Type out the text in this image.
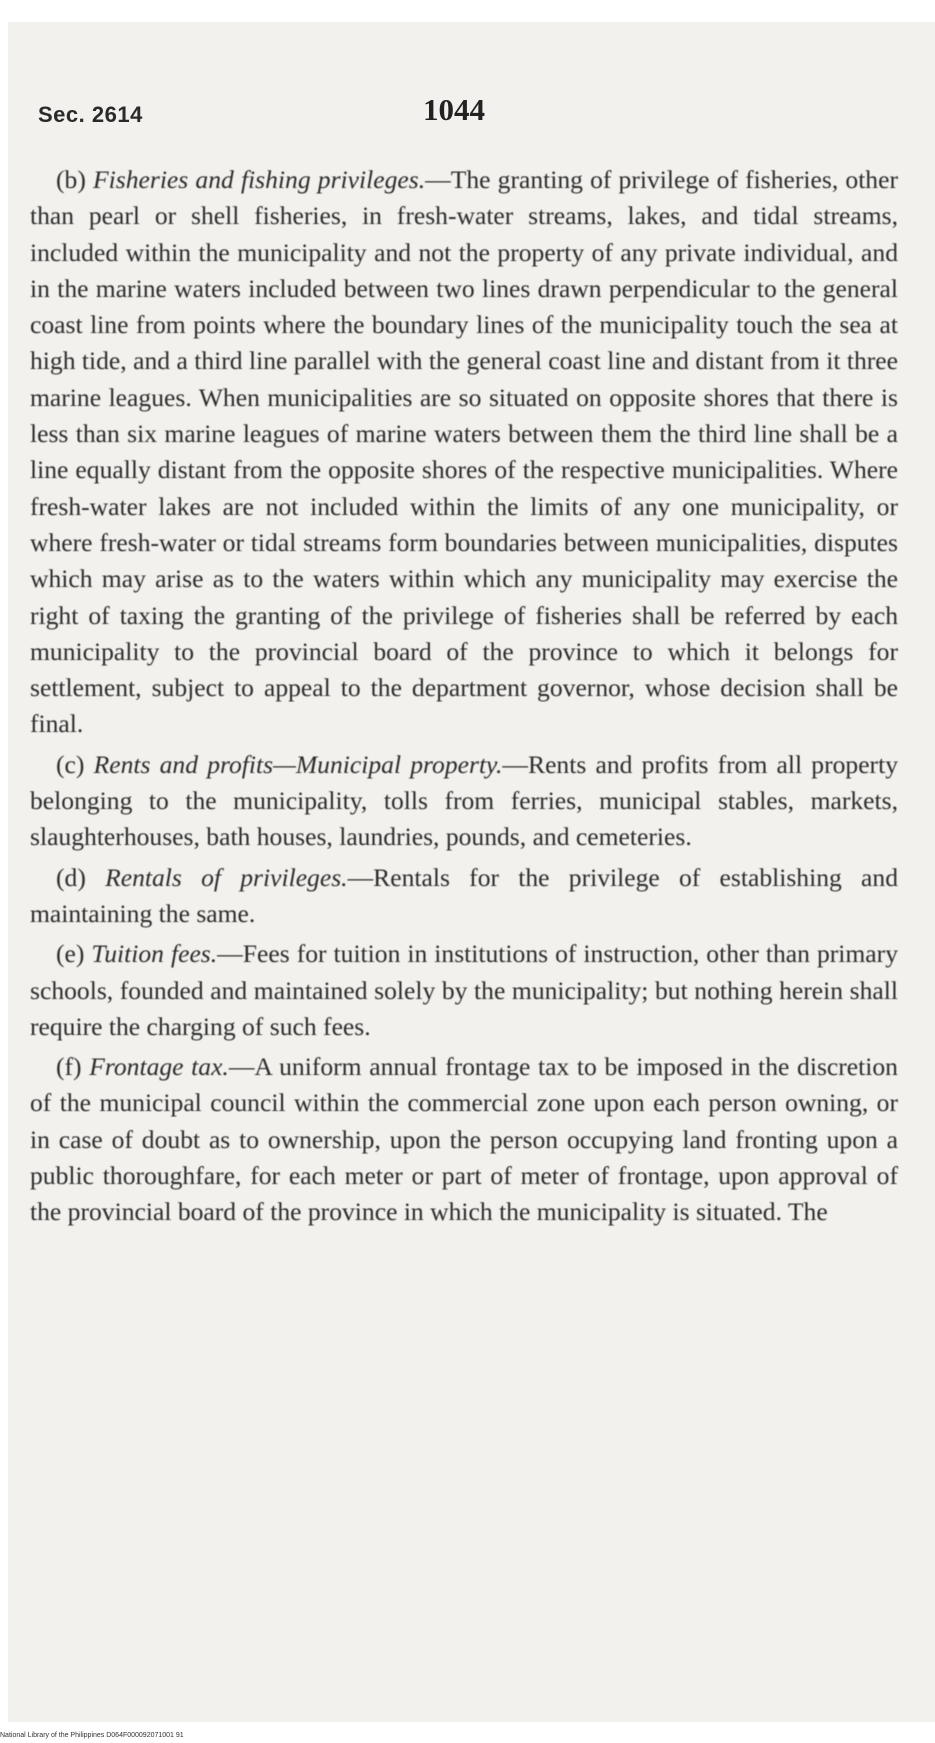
Sec. 2614	1044

(b) Fisheries and fishing privileges.—The granting of privilege of fisheries, other than pearl or shell fisheries, in fresh-water streams, lakes, and tidal streams, included within the municipality and not the property of any private individual, and in the marine waters included between two lines drawn perpendicular to the general coast line from points where the boundary lines of the municipality touch the sea at high tide, and a third line parallel with the general coast line and distant from it three marine leagues. When municipalities are so situated on opposite shores that there is less than six marine leagues of marine waters between them the third line shall be a line equally distant from the opposite shores of the respective municipalities. Where fresh-water lakes are not included within the limits of any one municipality, or where fresh-water or tidal streams form boundaries between municipalities, disputes which may arise as to the waters within which any municipality may exercise the right of taxing the granting of the privilege of fisheries shall be referred by each municipality to the provincial board of the province to which it belongs for settlement, subject to appeal to the department governor, whose decision shall be final.

(c) Rents and profits—Municipal property.—Rents and profits from all property belonging to the municipality, tolls from ferries, municipal stables, markets, slaughterhouses, bath houses, laundries, pounds, and cemeteries.

(d) Rentals of privileges.—Rentals for the privilege of establishing and maintaining the same.

(e) Tuition fees.—Fees for tuition in institutions of instruction, other than primary schools, founded and maintained solely by the municipality; but nothing herein shall require the charging of such fees.

(f) Frontage tax.—A uniform annual frontage tax to be imposed in the discretion of the municipal council within the commercial zone upon each person owning, or in case of doubt as to ownership, upon the person occupying land fronting upon a public thoroughfare, for each meter or part of meter of frontage, upon approval of the provincial board of the province in which the municipality is situated. The

National Library of the Philippines D064F000092071001 91
